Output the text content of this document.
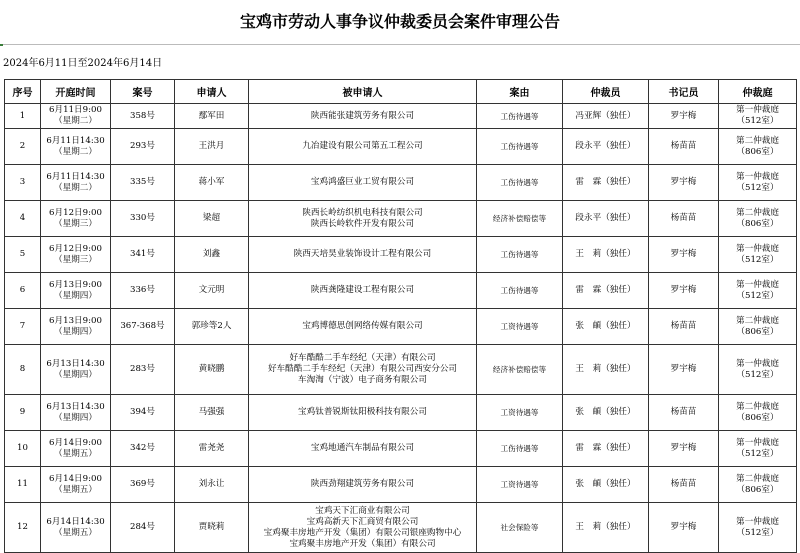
宝鸡市劳动人事争议仲裁委员会案件审理公告
2024年6月11日至2024年6月14日
序号	开庭时间	案号	申请人	被申请人	案由	仲裁员	书记员	仲裁庭

1	6月11日9:00
（星期二）	358号	鄢军田	陕西能张建筑劳务有限公司	工伤待遇等	冯亚辉（独任）	罗宇梅	第一仲裁庭
（512室）

2	6月11日14:30
（星期二）	293号	王洪月	九冶建设有限公司第五工程公司	工伤待遇等	段永平（独任）	杨苗苗	第二仲裁庭
（806室）

3	6月11日14:30
（星期二）	335号	蒋小军	宝鸡鸿盛巨业工贸有限公司	工伤待遇等	雷　霖（独任）	罗宇梅	第一仲裁庭
（512室）

4	6月12日9:00
（星期三）	330号	梁超	陕西长岭纺织机电科技有限公司
陕西长岭软件开发有限公司	经济补偿赔偿等	段永平（独任）	杨苗苗	第二仲裁庭
（806室）

5	6月12日9:00
（星期三）	341号	刘鑫	陕西天培昊业装饰设计工程有限公司	工伤待遇等	王　莉（独任）	罗宇梅	第一仲裁庭
（512室）

6	6月13日9:00
（星期四）	336号	文元明	陕西龚隆建设工程有限公司	工伤待遇等	雷　霖（独任）	罗宇梅	第一仲裁庭
（512室）

7	6月13日9:00
（星期四）	367-368号	郭珍等2人	宝鸡博德思创网络传媒有限公司	工资待遇等	张　頔（独任）	杨苗苗	第二仲裁庭
（806室）

8	6月13日14:30
（星期四）	283号	黄晓鹏	好车酷酷二手车经纪（天津）有限公司
好车酷酷二手车经纪（天津）有限公司西安分公司
车淘淘（宁波）电子商务有限公司	经济补偿赔偿等	王　莉（独任）	罗宇梅	第一仲裁庭
（512室）

9	6月13日14:30
（星期四）	394号	马强强	宝鸡钛普锐斯钛阳极科技有限公司	工资待遇等	张　頔（独任）	杨苗苗	第二仲裁庭
（806室）

10	6月14日9:00
（星期五）	342号	雷尧尧	宝鸡地通汽车制品有限公司	工伤待遇等	雷　霖（独任）	罗宇梅	第一仲裁庭
（512室）

11	6月14日9:00
（星期五）	369号	刘永让	陕西劲翔建筑劳务有限公司	工资待遇等	张　頔（独任）	杨苗苗	第二仲裁庭
（806室）

12	6月14日14:30
（星期五）	284号	贾晓莉	宝鸡天下汇商业有限公司
宝鸡高新天下汇商贸有限公司
宝鸡聚丰房地产开发（集团）有限公司银座购物中心
宝鸡聚丰房地产开发（集团）有限公司	社会保险等	王　莉（独任）	罗宇梅	第一仲裁庭
（512室）
